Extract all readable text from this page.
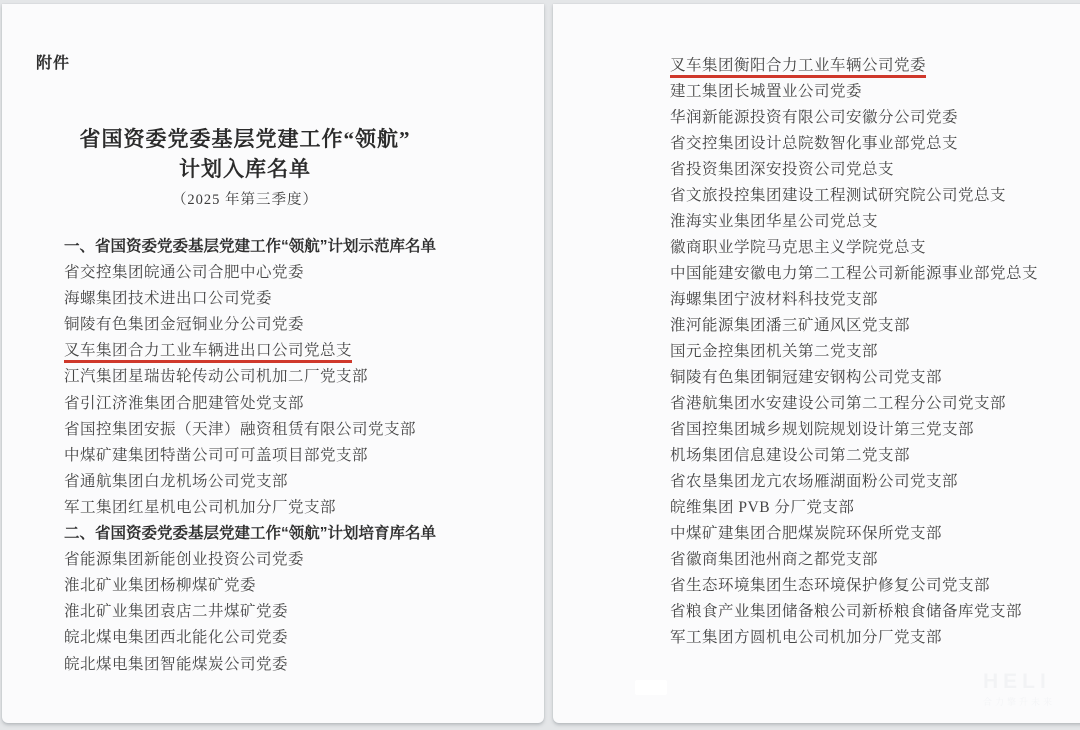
附件
省国资委党委基层党建工作“领航”
计划入库名单
（2025 年第三季度）
一、省国资委党委基层党建工作“领航”计划示范库名单
省交控集团皖通公司合肥中心党委
海螺集团技术进出口公司党委
铜陵有色集团金冠铜业分公司党委
叉车集团合力工业车辆进出口公司党总支
江汽集团星瑞齿轮传动公司机加二厂党支部
省引江济淮集团合肥建管处党支部
省国控集团安振（天津）融资租赁有限公司党支部
中煤矿建集团特凿公司可可盖项目部党支部
省通航集团白龙机场公司党支部
军工集团红星机电公司机加分厂党支部
二、省国资委党委基层党建工作“领航”计划培育库名单
省能源集团新能创业投资公司党委
淮北矿业集团杨柳煤矿党委
淮北矿业集团袁店二井煤矿党委
皖北煤电集团西北能化公司党委
皖北煤电集团智能煤炭公司党委
叉车集团衡阳合力工业车辆公司党委
建工集团长城置业公司党委
华润新能源投资有限公司安徽分公司党委
省交控集团设计总院数智化事业部党总支
省投资集团深安投资公司党总支
省文旅投控集团建设工程测试研究院公司党总支
淮海实业集团华星公司党总支
徽商职业学院马克思主义学院党总支
中国能建安徽电力第二工程公司新能源事业部党总支
海螺集团宁波材料科技党支部
淮河能源集团潘三矿通风区党支部
国元金控集团机关第二党支部
铜陵有色集团铜冠建安钢构公司党支部
省港航集团水安建设公司第二工程分公司党支部
省国控集团城乡规划院规划设计第三党支部
机场集团信息建设公司第二党支部
省农垦集团龙亢农场雁湖面粉公司党支部
皖维集团 PVB 分厂党支部
中煤矿建集团合肥煤炭院环保所党支部
省徽商集团池州商之都党支部
省生态环境集团生态环境保护修复公司党支部
省粮食产业集团储备粮公司新桥粮食储备库党支部
军工集团方圆机电公司机加分厂党支部
HELI
合力擎升未来
